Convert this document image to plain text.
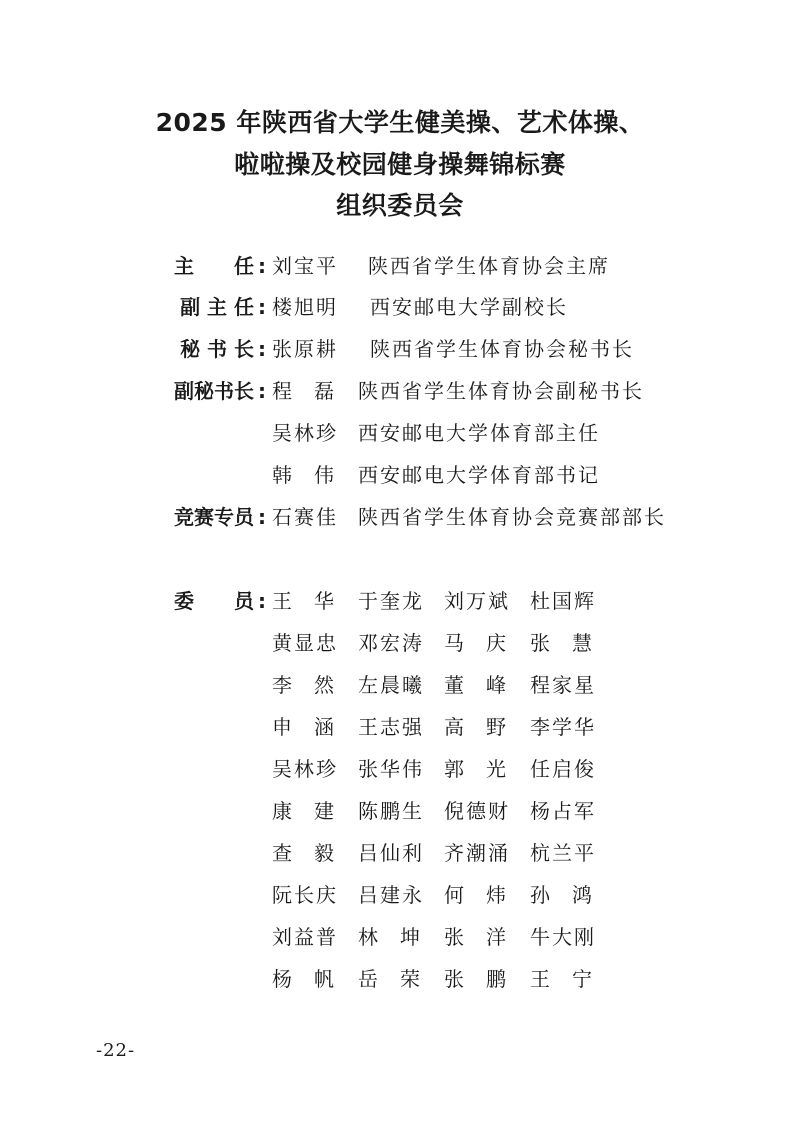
2025 年陕西省大学生健美操、艺术体操、
啦啦操及校园健身操舞锦标赛
组织委员会
主　　任 : 刘宝平 陕西省学生体育协会主席
副 主 任 : 楼旭明 西安邮电大学副校长
秘 书 长 : 张原耕 陕西省学生体育协会秘书长
副秘书长 : 程磊 陕西省学生体育协会副秘书长
吴林珍 西安邮电大学体育部主任
韩伟 西安邮电大学体育部书记
竞赛专员 : 石赛佳 陕西省学生体育协会竞赛部部长
委　　员 : 王华 于奎龙 刘万斌 杜国辉
黄显忠 邓宏涛 马庆 张慧
李然 左晨曦 董峰 程家星
申涵 王志强 高野 李学华
吴林珍 张华伟 郭光 任启俊
康建 陈鹏生 倪德财 杨占军
查毅 吕仙利 齐潮涌 杭兰平
阮长庆 吕建永 何炜 孙鸿
刘益普 林坤 张洋 牛大刚
杨帆 岳荣 张鹏 王宁
-22-
